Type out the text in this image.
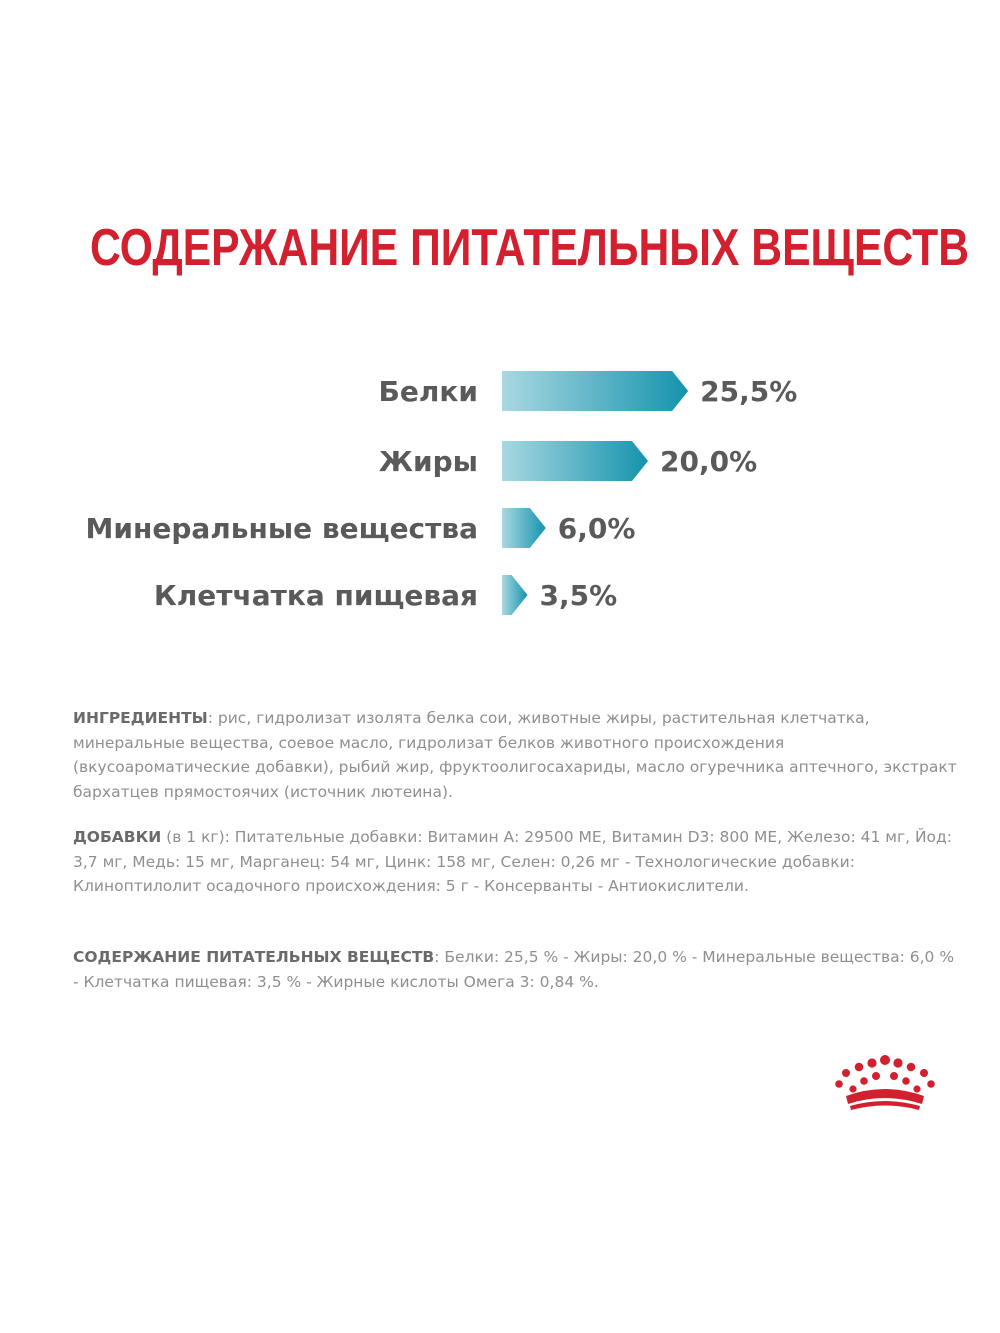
СОДЕРЖАНИЕ ПИТАТЕЛЬНЫХ ВЕЩЕСТВ
Белки	25,5%
Жиры	20,0%
Минеральные вещества	6,0%
Клетчатка пищевая 3,5%
ИНГРЕДИЕНТЫ: рис, гидролизат изолята белка сои, животные жиры, растительная клетчатка, минеральные вещества, соевое масло, гидролизат белков животного происхождения (вкусоароматические добавки), рыбий жир, фруктоолигосахариды, масло огуречника аптечного, экстракт бархатцев прямостоячих (источник лютеина).
ДОБАВКИ (в 1 кг): Питательные добавки: Витамин А: 29500 МЕ, Витамин D3: 800 МЕ, Железо: 41 мг, Йод: 3,7 мг, Медь: 15 мг, Марганец: 54 мг, Цинк: 158 мг, Селен: 0,26 мг - Технологические добавки: Клиноптилолит осадочного происхождения: 5 г - Консерванты - Антиокислители.
СОДЕРЖАНИЕ ПИТАТЕЛЬНЫХ ВЕЩЕСТВ: Белки: 25,5 % - Жиры: 20,0 % - Минеральные вещества: 6,0 % - Клетчатка пищевая: 3,5 % - Жирные кислоты Омега 3: 0,84 %.
